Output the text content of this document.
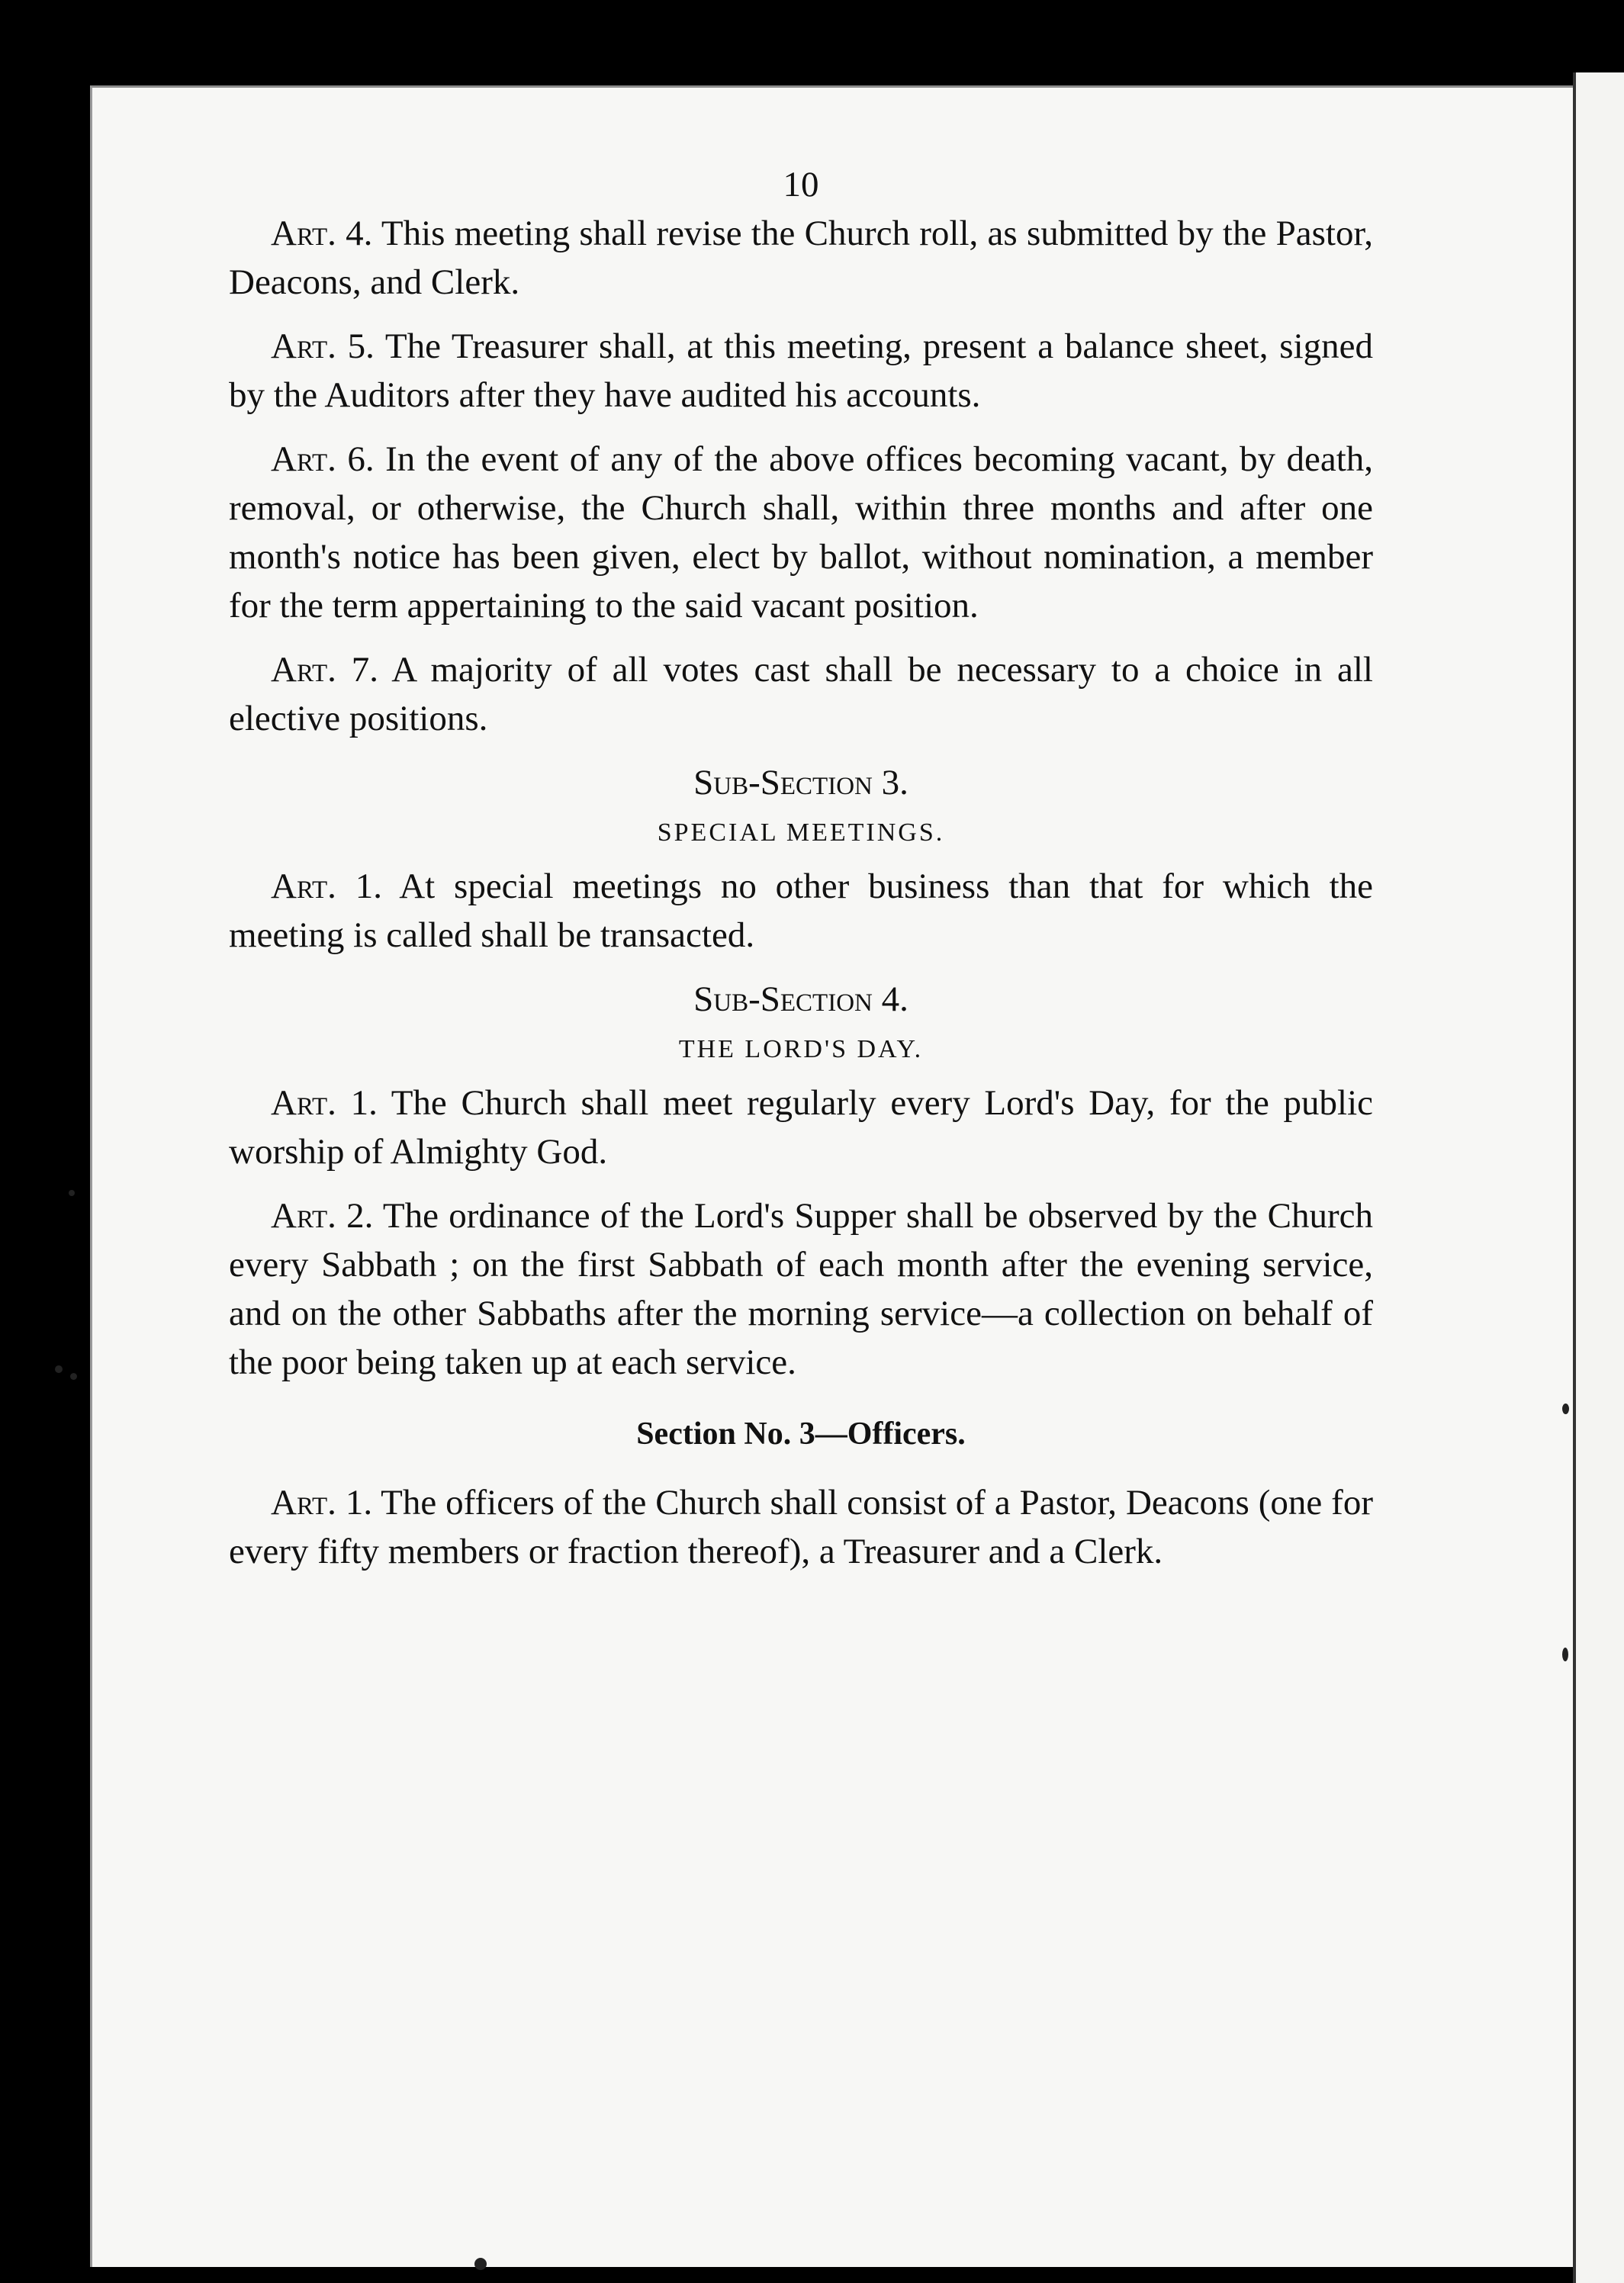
10

Art. 4. This meeting shall revise the Church roll, as submitted by the Pastor, Deacons, and Clerk.

Art. 5. The Treasurer shall, at this meeting, present a balance sheet, signed by the Auditors after they have audited his accounts.

Art. 6. In the event of any of the above offices becoming vacant, by death, removal, or otherwise, the Church shall, within three months and after one month's notice has been given, elect by ballot, without nomination, a member for the term appertaining to the said vacant position.

Art. 7. A majority of all votes cast shall be necessary to a choice in all elective positions.

Sub-Section 3.
SPECIAL MEETINGS.

Art. 1. At special meetings no other business than that for which the meeting is called shall be transacted.

Sub-Section 4.
THE LORD'S DAY.

Art. 1. The Church shall meet regularly every Lord's Day, for the public worship of Almighty God.

Art. 2. The ordinance of the Lord's Supper shall be observed by the Church every Sabbath ; on the first Sabbath of each month after the evening service, and on the other Sabbaths after the morning service—a collection on behalf of the poor being taken up at each service.

Section No. 3—Officers.

Art. 1. The officers of the Church shall consist of a Pastor, Deacons (one for every fifty members or fraction thereof), a Treasurer and a Clerk.
